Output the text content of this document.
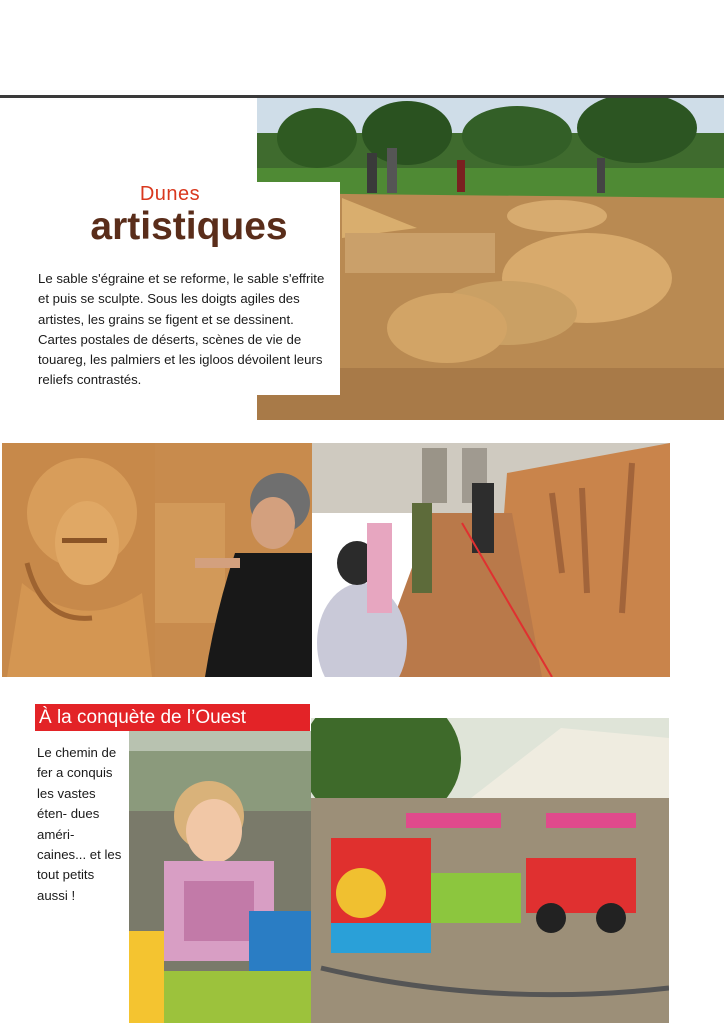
Dunes
artistiques
Le sable s'égraine et se reforme, le sable s'effrite et puis se sculpte. Sous les doigts agiles des artistes, les grains se figent et se dessinent. Cartes postales de déserts, scènes de vie de touareg, les palmiers et les igloos dévoilent leurs reliefs contrastés.
À la conquète de l’Ouest
Le chemin de fer a conquis les vastes éten- dues améri- caines... et les tout petits aussi !
